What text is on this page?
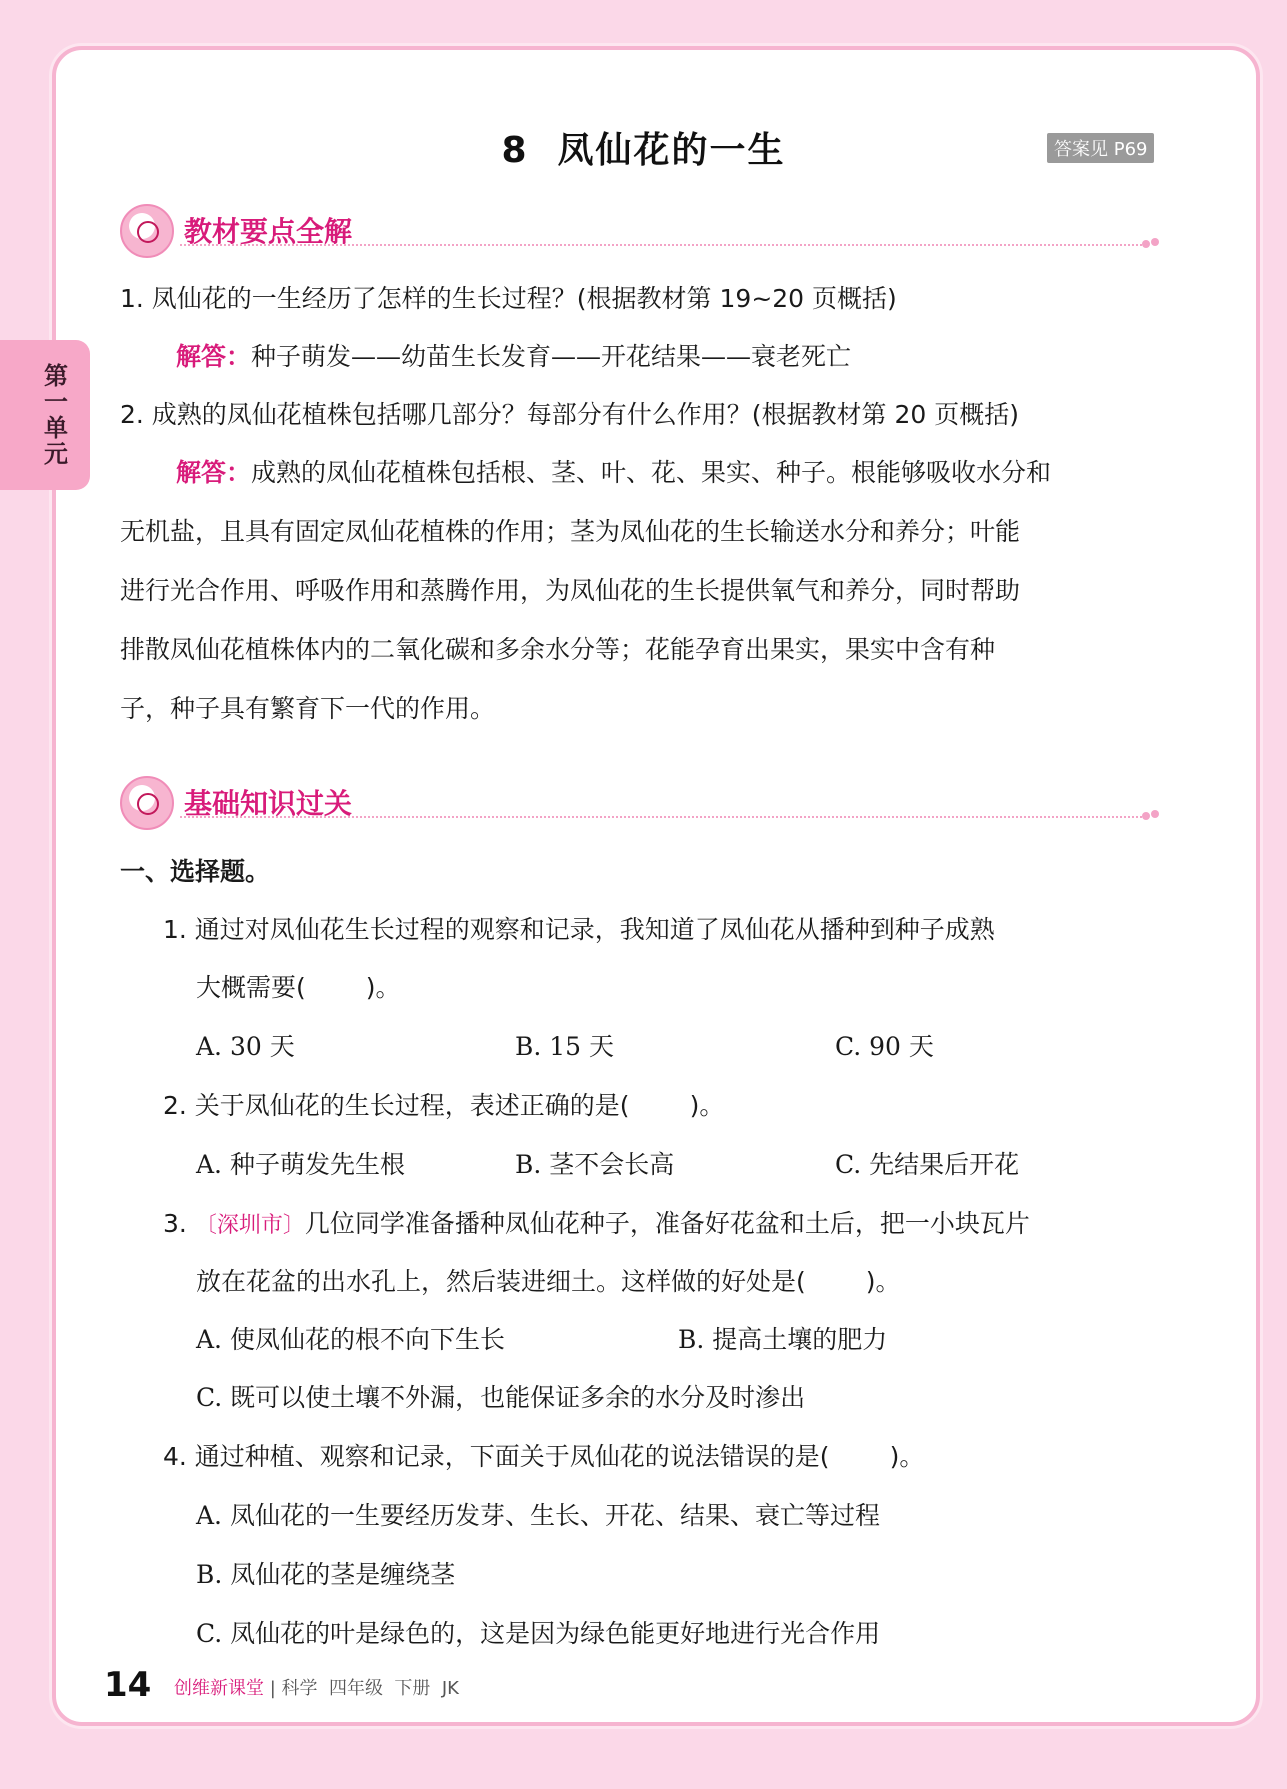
第一单元
8  凤仙花的一生	答案见 P69
教材要点全解
1. 凤仙花的一生经历了怎样的生长过程？(根据教材第 19~20 页概括)
解答：种子萌发——幼苗生长发育——开花结果——衰老死亡
2. 成熟的凤仙花植株包括哪几部分？每部分有什么作用？(根据教材第 20 页概括)
解答：成熟的凤仙花植株包括根、茎、叶、花、果实、种子。根能够吸收水分和
无机盐，且具有固定凤仙花植株的作用；茎为凤仙花的生长输送水分和养分；叶能
进行光合作用、呼吸作用和蒸腾作用，为凤仙花的生长提供氧气和养分，同时帮助
排散凤仙花植株体内的二氧化碳和多余水分等；花能孕育出果实，果实中含有种
子，种子具有繁育下一代的作用。
基础知识过关
一、选择题。
1. 通过对凤仙花生长过程的观察和记录，我知道了凤仙花从播种到种子成熟
大概需要( )。
A. 30 天	B. 15 天	C. 90 天
2. 关于凤仙花的生长过程，表述正确的是( )。
A. 种子萌发先生根	B. 茎不会长高	C. 先结果后开花
3. 〔深圳市〕几位同学准备播种凤仙花种子，准备好花盆和土后，把一小块瓦片
放在花盆的出水孔上，然后装进细土。这样做的好处是( )。
A. 使凤仙花的根不向下生长	B. 提高土壤的肥力
C. 既可以使土壤不外漏，也能保证多余的水分及时渗出
4. 通过种植、观察和记录，下面关于凤仙花的说法错误的是( )。
A. 凤仙花的一生要经历发芽、生长、开花、结果、衰亡等过程
B. 凤仙花的茎是缠绕茎
C. 凤仙花的叶是绿色的，这是因为绿色能更好地进行光合作用
14 创维新课堂 | 科学  四年级  下册  JK
